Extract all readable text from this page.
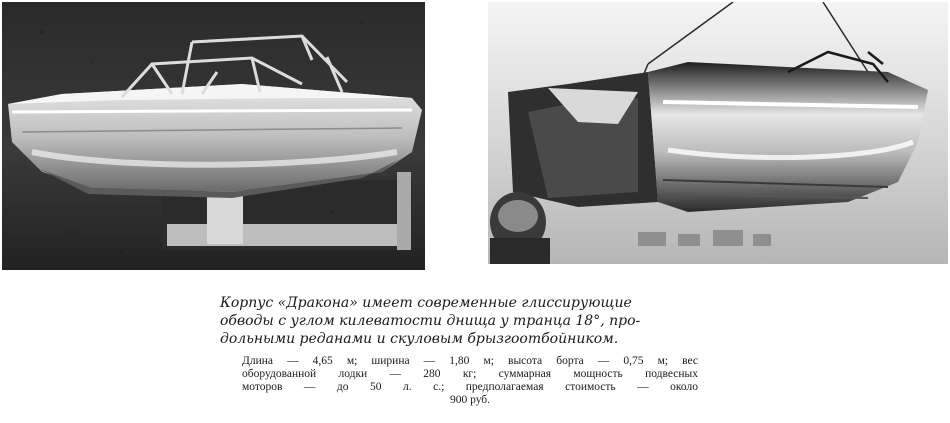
Корпус «Дракона» имеет современные глиссирующие
обводы с углом килеватости днища у транца 18°, про-
дольными реданами и скуловым брызгоотбойником.
Длина — 4,65 м; ширина — 1,80 м; высота борта — 0,75 м; вес
оборудованной лодки — 280 кг; суммарная мощность подвесных
моторов — до 50 л. с.; предполагаемая стоимость — около
900 руб.
